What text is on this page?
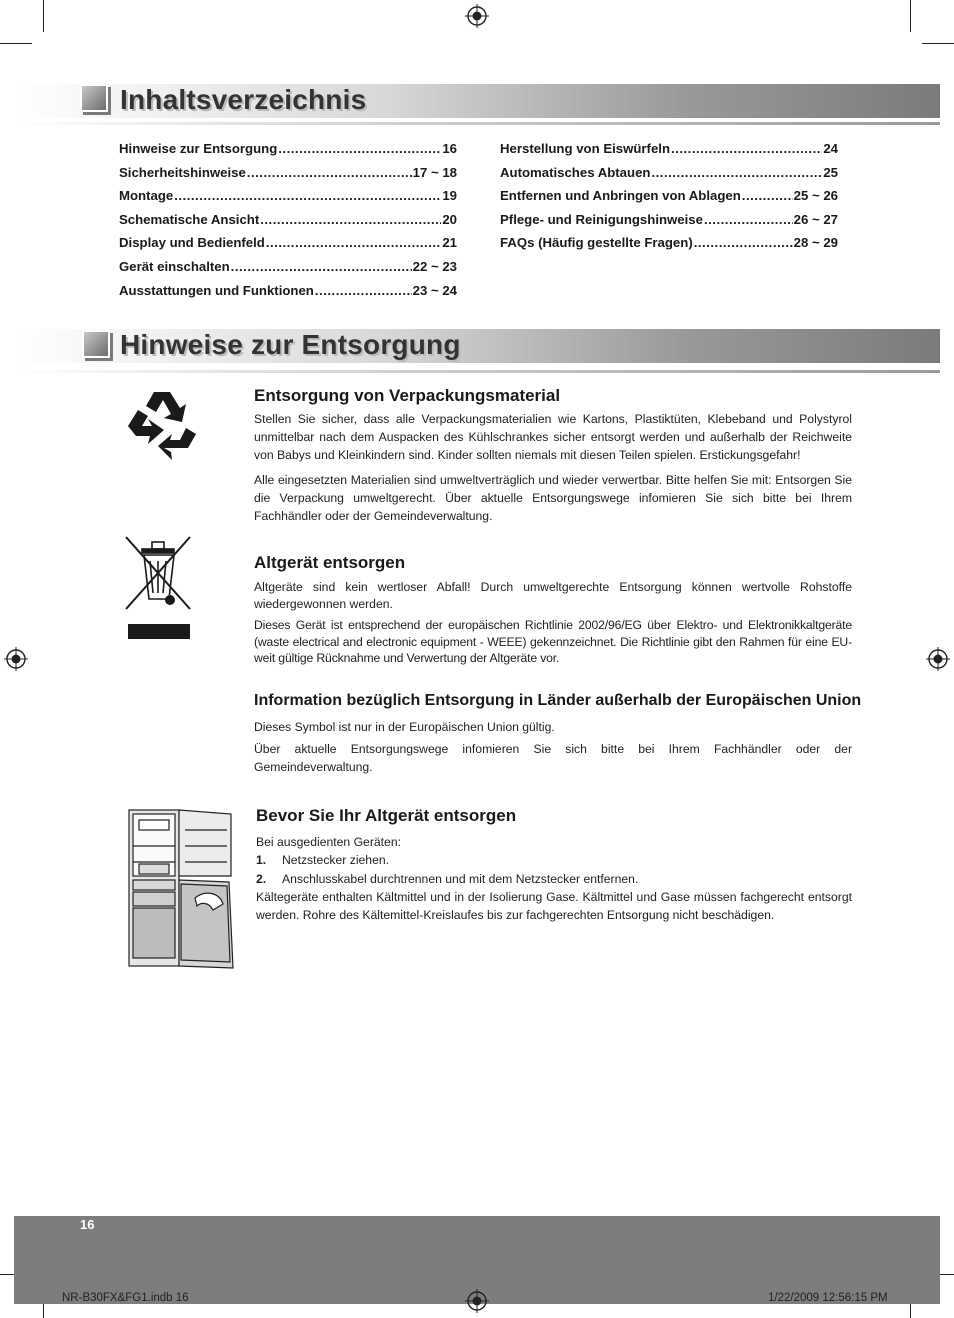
Inhaltsverzeichnis
Hinweise zur Entsorgung .....	16
Sicherheitshinweise .....	17 ~ 18
Montage .....	19
Schematische Ansicht .....	20
Display und Bedienfeld .....	21
Gerät einschalten .....	22 ~ 23
Ausstattungen und Funktionen .....	23 ~ 24
Herstellung von Eiswürfeln .....	24
Automatisches Abtauen .....	25
Entfernen und Anbringen von Ablagen .....	25 ~ 26
Pflege- und Reinigungshinweise .....	26 ~ 27
FAQs (Häufig gestellte Fragen) .....	28 ~ 29
Hinweise zur Entsorgung
Entsorgung von Verpackungsmaterial
Stellen Sie sicher, dass alle Verpackungsmaterialien wie Kartons, Plastiktüten, Klebeband und Polystyrol unmittelbar nach dem Auspacken des Kühlschrankes sicher entsorgt werden und außerhalb der Reichweite von Babys und Kleinkindern sind. Kinder sollten niemals mit diesen Teilen spielen. Erstickungsgefahr!
Alle eingesetzten Materialien sind umweltverträglich und wieder verwertbar. Bitte helfen Sie mit: Entsorgen Sie die Verpackung umweltgerecht. Über aktuelle Entsorgungswege infomieren Sie sich bitte bei Ihrem Fachhändler oder der Gemeindeverwaltung.
Altgerät entsorgen
Altgeräte sind kein wertloser Abfall! Durch umweltgerechte Entsorgung können wertvolle Rohstoffe wiedergewonnen werden.
Dieses Gerät ist entsprechend der europäischen Richtlinie 2002/96/EG über Elektro- und Elektronikkaltgeräte (waste electrical and electronic equipment - WEEE) gekennzeichnet. Die Richtlinie gibt den Rahmen für eine EU-weit gültige Rücknahme und Verwertung der Altgeräte vor.
Information bezüglich Entsorgung in Länder außerhalb der Europäischen Union
Dieses Symbol ist nur in der Europäischen Union gültig.
Über aktuelle Entsorgungswege infomieren Sie sich bitte bei Ihrem Fachhändler oder der Gemeindeverwaltung.
Bevor Sie Ihr Altgerät entsorgen
Bei ausgedienten Geräten:
1. Netzstecker ziehen.
2. Anschlusskabel durchtrennen und mit dem Netzstecker entfernen.
Kältegeräte enthalten Kältmittel und in der Isolierung Gase. Kältmittel und Gase müssen fachgerecht entsorgt werden. Rohre des Kältemittel-Kreislaufes bis zur fachgerechten Entsorgung nicht beschädigen.
16
NR-B30FX&FG1.indb 16	1/22/2009 12:56:15 PM
